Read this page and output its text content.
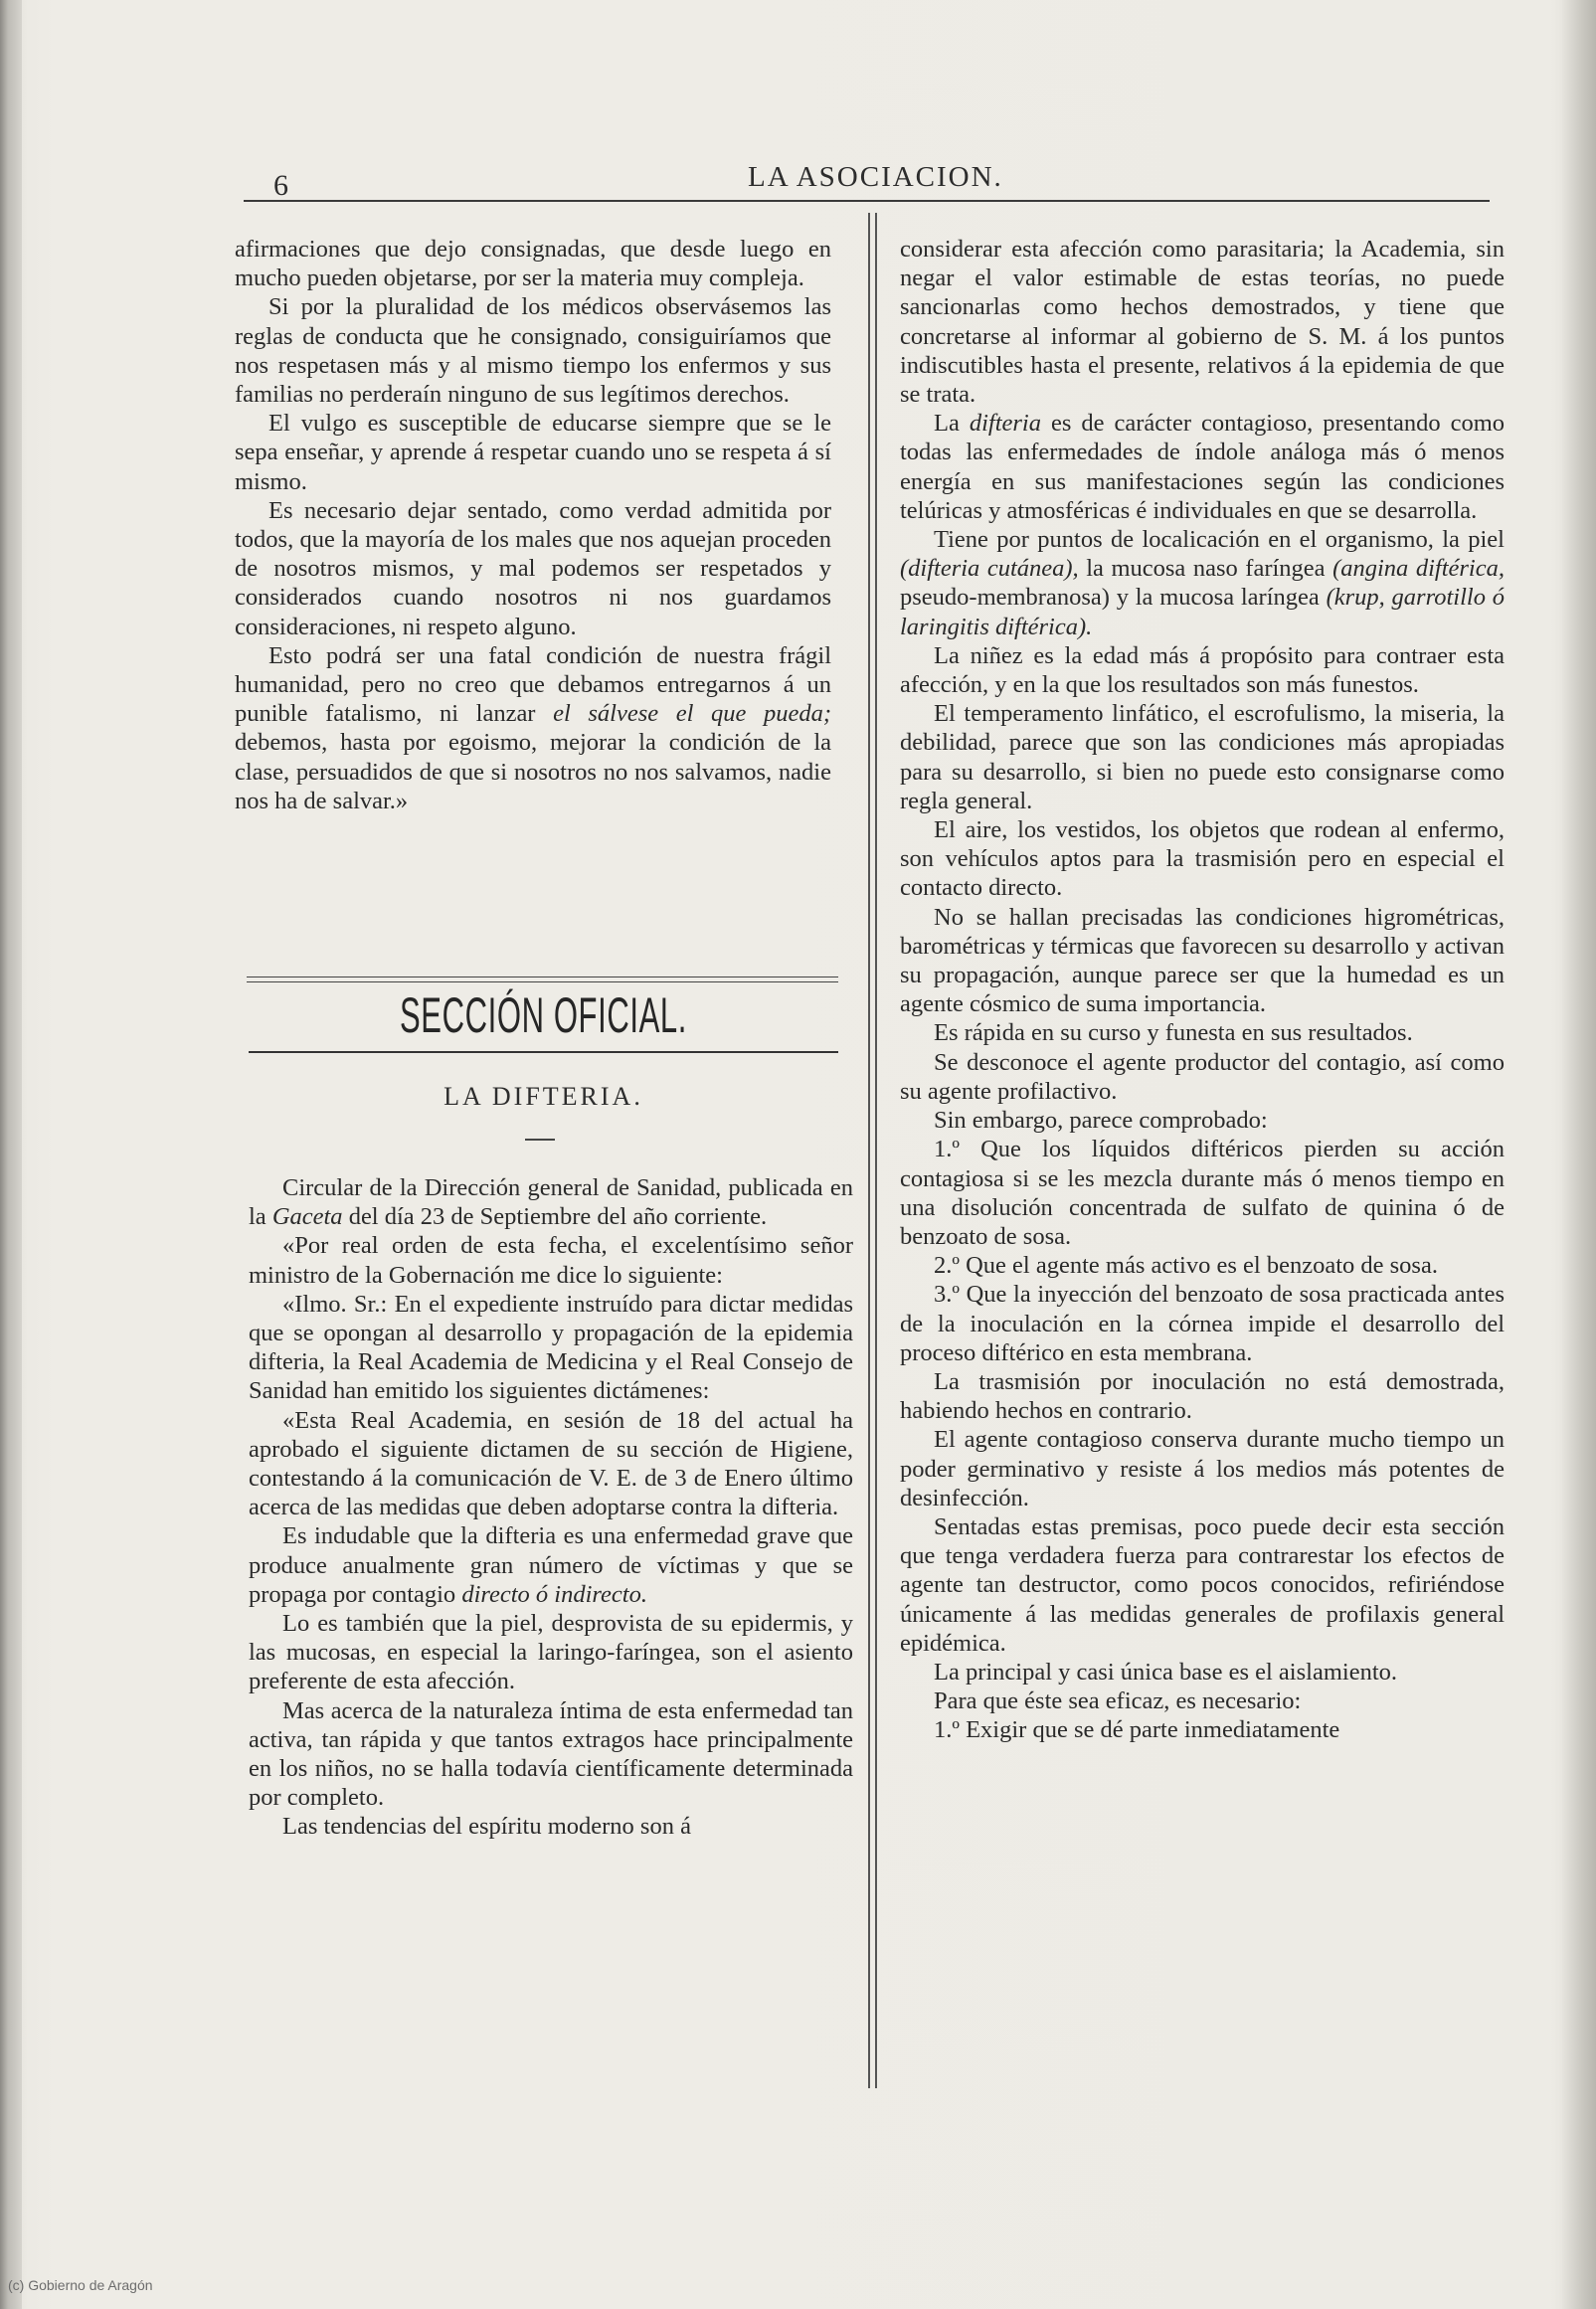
6	LA ASOCIACION.

afirmaciones que dejo consignadas, que desde luego en mucho pueden objetarse, por ser la materia muy compleja.

Si por la pluralidad de los médicos observásemos las reglas de conducta que he consignado, consiguiríamos que nos respetasen más y al mismo tiempo los enfermos y sus familias no perderaín ninguno de sus legítimos derechos.

El vulgo es susceptible de educarse siempre que se le sepa enseñar, y aprende á respetar cuando uno se respeta á sí mismo.

Es necesario dejar sentado, como verdad admitida por todos, que la mayoría de los males que nos aquejan proceden de nosotros mismos, y mal podemos ser respetados y considerados cuando nosotros ni nos guardamos consideraciones, ni respeto alguno.

Esto podrá ser una fatal condición de nuestra frágil humanidad, pero no creo que debamos entregarnos á un punible fatalismo, ni lanzar el sálvese el que pueda; debemos, hasta por egoismo, mejorar la condición de la clase, persuadidos de que si nosotros no nos salvamos, nadie nos ha de salvar.»

SECCIÓN OFICIAL.
LA DIFTERIA.

Circular de la Dirección general de Sanidad, publicada en la Gaceta del día 23 de Septiembre del año corriente.

«Por real orden de esta fecha, el excelentísimo señor ministro de la Gobernación me dice lo siguiente:

«Ilmo. Sr.: En el expediente instruído para dictar medidas que se opongan al desarrollo y propagación de la epidemia difteria, la Real Academia de Medicina y el Real Consejo de Sanidad han emitido los siguientes dictámenes:

«Esta Real Academia, en sesión de 18 del actual ha aprobado el siguiente dictamen de su sección de Higiene, contestando á la comunicación de V. E. de 3 de Enero último acerca de las medidas que deben adoptarse contra la difteria.

Es indudable que la difteria es una enfermedad grave que produce anualmente gran número de víctimas y que se propaga por contagio directo ó indirecto.

Lo es también que la piel, desprovista de su epidermis, y las mucosas, en especial la laringo-faríngea, son el asiento preferente de esta afección.

Mas acerca de la naturaleza íntima de esta enfermedad tan activa, tan rápida y que tantos extragos hace principalmente en los niños, no se halla todavía científicamente determinada por completo.

Las tendencias del espíritu moderno son á

considerar esta afección como parasitaria; la Academia, sin negar el valor estimable de estas teorías, no puede sancionarlas como hechos demostrados, y tiene que concretarse al informar al gobierno de S. M. á los puntos indiscutibles hasta el presente, relativos á la epidemia de que se trata.

La difteria es de carácter contagioso, presentando como todas las enfermedades de índole análoga más ó menos energía en sus manifestaciones según las condiciones telúricas y atmosféricas é individuales en que se desarrolla.

Tiene por puntos de localicación en el organismo, la piel (difteria cutánea), la mucosa naso faríngea (angina diftérica, pseudo-membranosa) y la mucosa laríngea (krup, garrotillo ó laringitis diftérica).

La niñez es la edad más á propósito para contraer esta afección, y en la que los resultados son más funestos.

El temperamento linfático, el escrofulismo, la miseria, la debilidad, parece que son las condiciones más apropiadas para su desarrollo, si bien no puede esto consignarse como regla general.

El aire, los vestidos, los objetos que rodean al enfermo, son vehículos aptos para la trasmisión pero en especial el contacto directo.

No se hallan precisadas las condiciones higrométricas, barométricas y térmicas que favorecen su desarrollo y activan su propagación, aunque parece ser que la humedad es un agente cósmico de suma importancia.

Es rápida en su curso y funesta en sus resultados.

Se desconoce el agente productor del contagio, así como su agente profilactivo.

Sin embargo, parece comprobado:

1.º Que los líquidos diftéricos pierden su acción contagiosa si se les mezcla durante más ó menos tiempo en una disolución concentrada de sulfato de quinina ó de benzoato de sosa.

2.º Que el agente más activo es el benzoato de sosa.

3.º Que la inyección del benzoato de sosa practicada antes de la inoculación en la córnea impide el desarrollo del proceso diftérico en esta membrana.

La trasmisión por inoculación no está demostrada, habiendo hechos en contrario.

El agente contagioso conserva durante mucho tiempo un poder germinativo y resiste á los medios más potentes de desinfección.

Sentadas estas premisas, poco puede decir esta sección que tenga verdadera fuerza para contrarestar los efectos de agente tan destructor, como pocos conocidos, refiriéndose únicamente á las medidas generales de profilaxis general epidémica.

La principal y casi única base es el aislamiento.

Para que éste sea eficaz, es necesario:

1.º Exigir que se dé parte inmediatamente

(c) Gobierno de Aragón
